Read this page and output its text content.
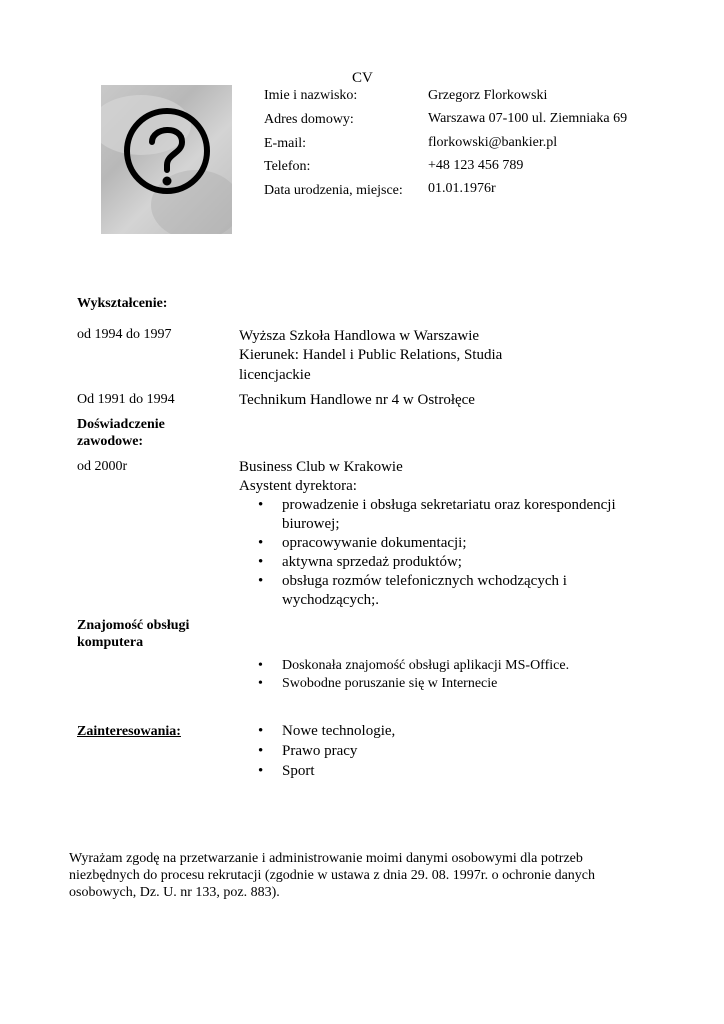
CV
Imie i nazwisko:	Grzegorz Florkowski
Adres domowy:	Warszawa 07-100 ul. Ziemniaka 69
E-mail:	florkowski@bankier.pl
Telefon:	+48 123 456 789
Data urodzenia, miejsce: 01.01.1976r
Wykształcenie:
od 1994 do 1997	Wyższa Szkoła Handlowa w Warszawie
Kierunek: Handel i Public Relations, Studia
licencjackie
Od 1991 do 1994	Technikum Handlowe nr 4 w Ostrołęce
Doświadczenie
zawodowe:
od 2000r	Business Club w Krakowie
Asystent dyrektora:
• prowadzenie i obsługa sekretariatu oraz korespondencji biurowej;
• opracowywanie dokumentacji;
• aktywna sprzedaż produktów;
• obsługa rozmów telefonicznych wchodzących i wychodzących;.
Znajomość obsługi
komputera
• Doskonała znajomość obsługi aplikacji MS-Office.
• Swobodne poruszanie się w Internecie
Zainteresowania:	• Nowe technologie,
• Prawo pracy
• Sport
Wyrażam zgodę na przetwarzanie i administrowanie moimi danymi osobowymi dla potrzeb niezbędnych do procesu rekrutacji (zgodnie w ustawa z dnia 29. 08. 1997r. o ochronie danych osobowych, Dz. U. nr 133, poz. 883).
